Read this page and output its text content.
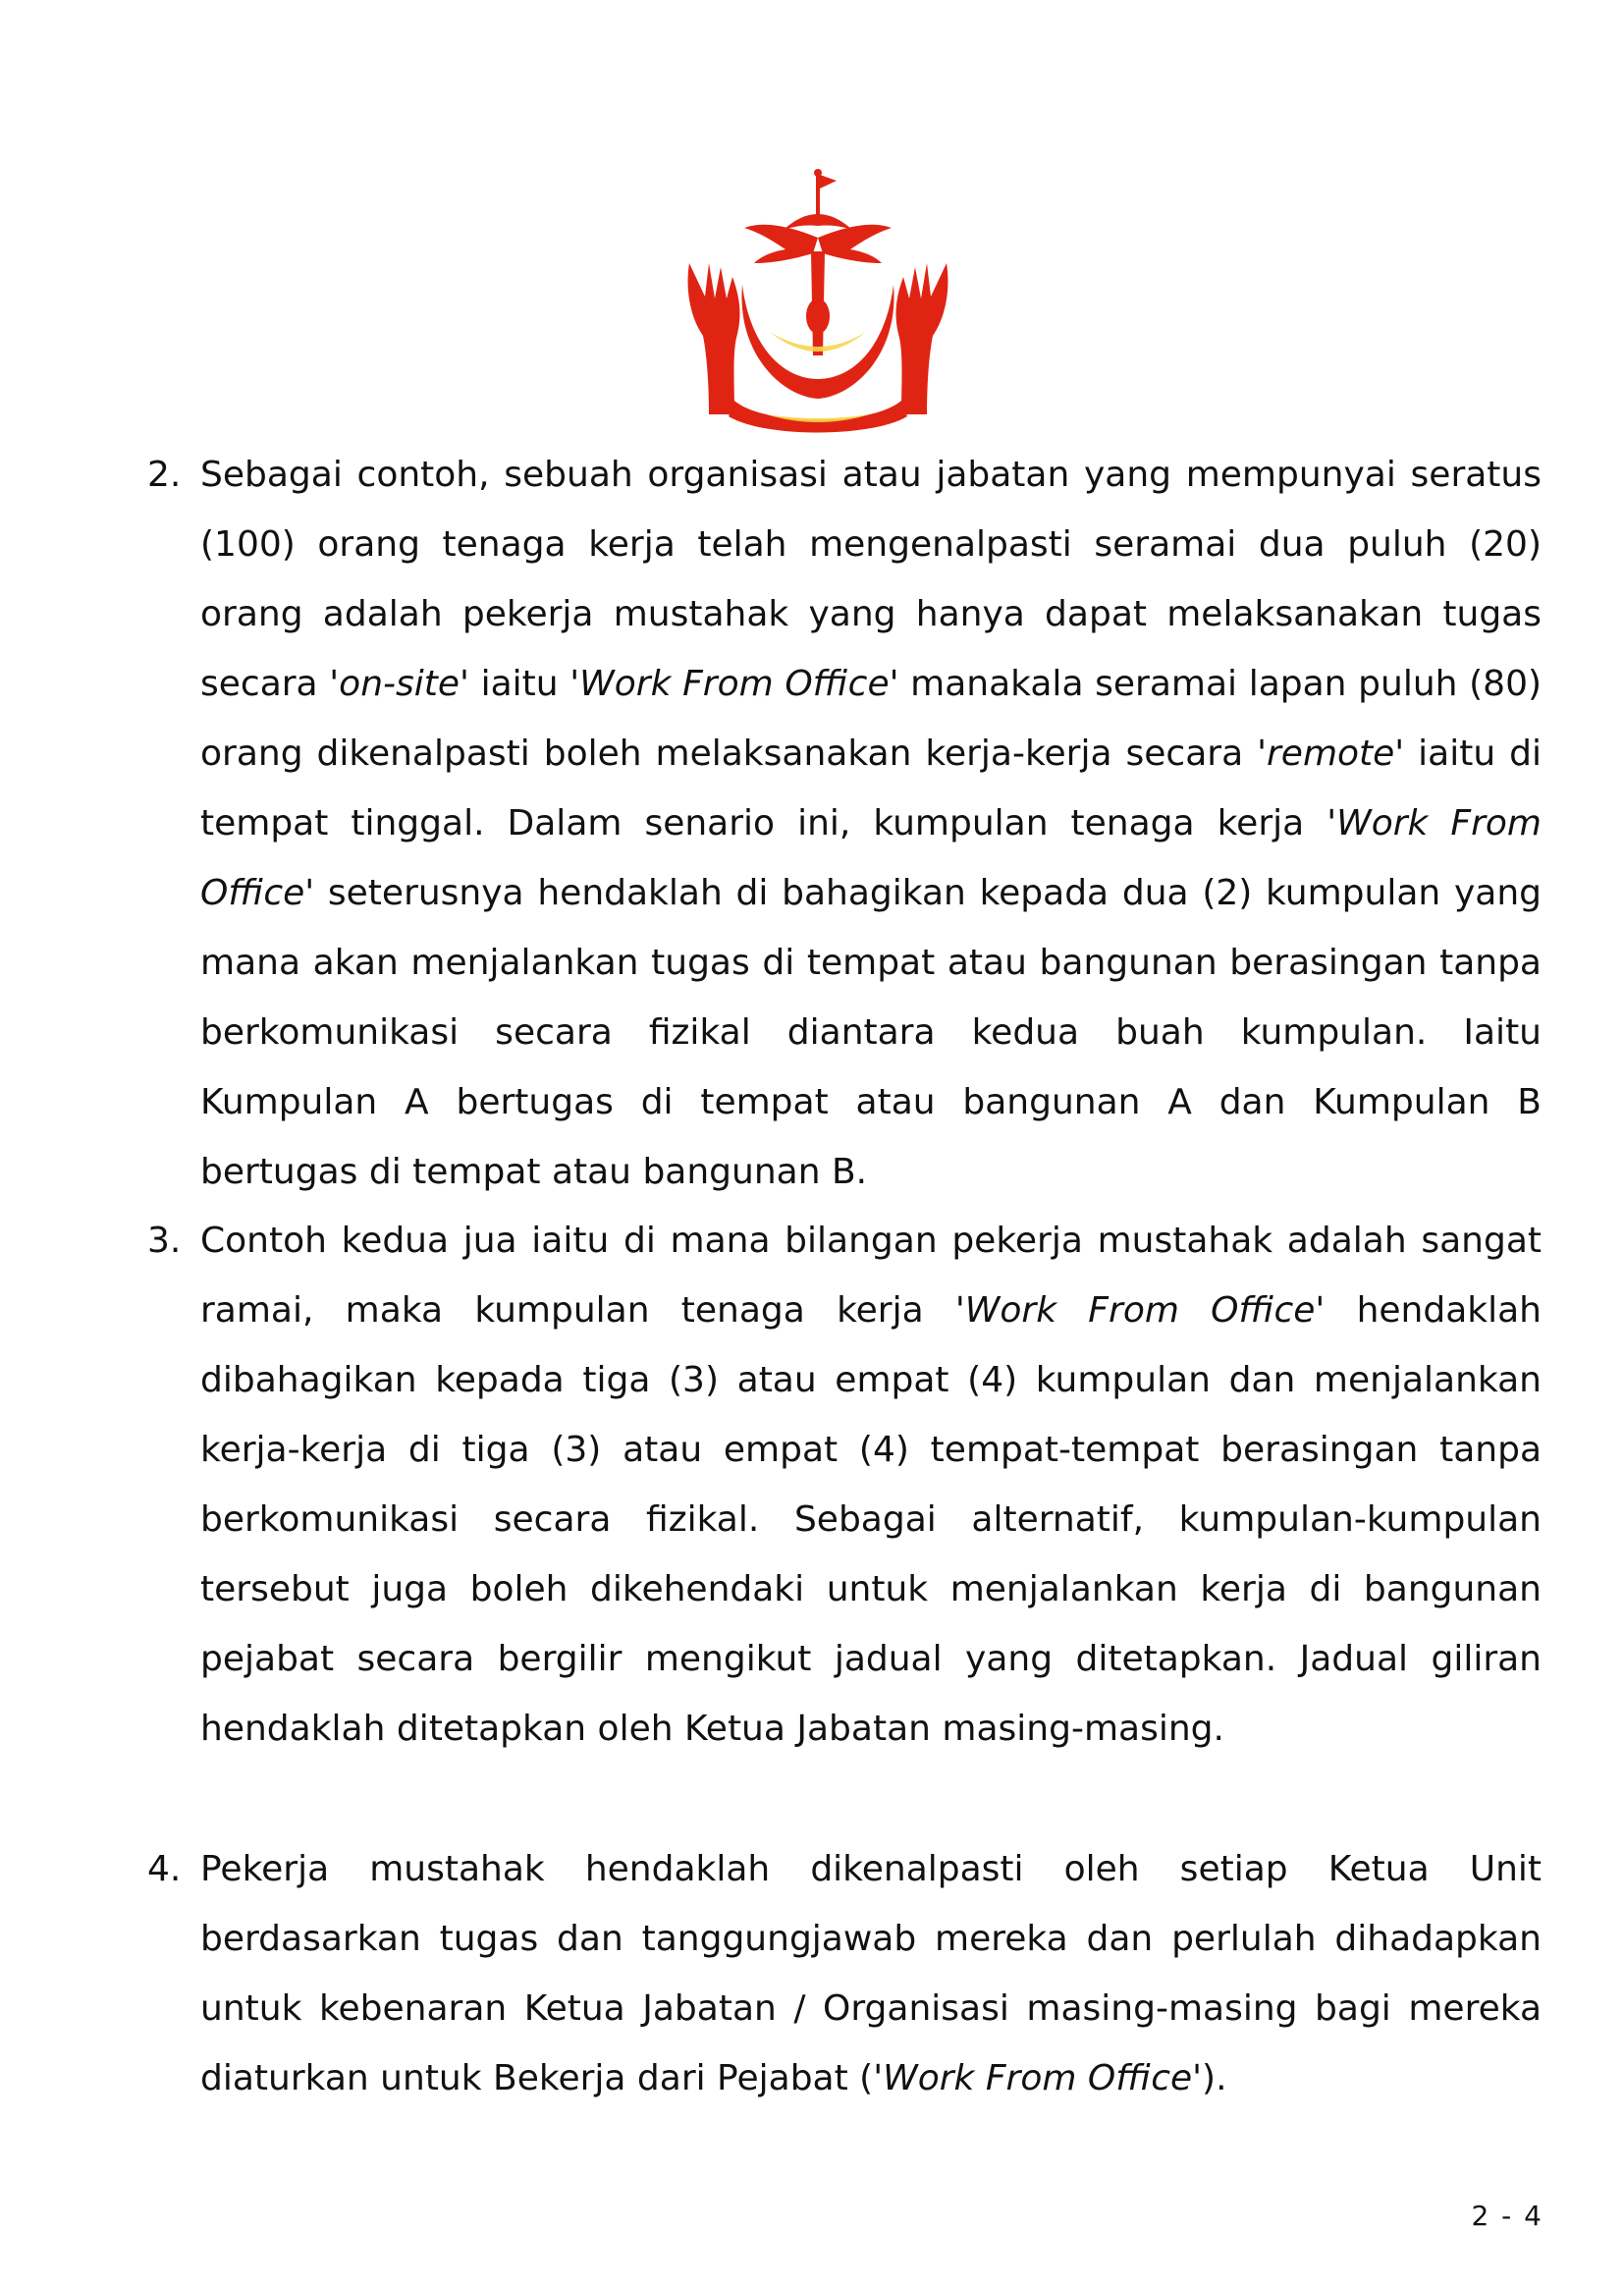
2. Sebagai contoh, sebuah organisasi atau jabatan yang mempunyai seratus (100) orang tenaga kerja telah mengenalpasti seramai dua puluh (20) orang adalah pekerja mustahak yang hanya dapat melaksanakan tugas secara 'on-site' iaitu 'Work From Office' manakala seramai lapan puluh (80) orang dikenalpasti boleh melaksanakan kerja-kerja secara 'remote' iaitu di tempat tinggal. Dalam senario ini, kumpulan tenaga kerja 'Work From Office' seterusnya hendaklah di bahagikan kepada dua (2) kumpulan yang mana akan menjalankan tugas di tempat atau bangunan berasingan tanpa berkomunikasi secara fizikal diantara kedua buah kumpulan. Iaitu Kumpulan A bertugas di tempat atau bangunan A dan Kumpulan B bertugas di tempat atau bangunan B.
3. Contoh kedua jua iaitu di mana bilangan pekerja mustahak adalah sangat ramai, maka kumpulan tenaga kerja 'Work From Office' hendaklah dibahagikan kepada tiga (3) atau empat (4) kumpulan dan menjalankan kerja-kerja di tiga (3) atau empat (4) tempat-tempat berasingan tanpa berkomunikasi secara fizikal. Sebagai alternatif, kumpulan-kumpulan tersebut juga boleh dikehendaki untuk menjalankan kerja di bangunan pejabat secara bergilir mengikut jadual yang ditetapkan. Jadual giliran hendaklah ditetapkan oleh Ketua Jabatan masing-masing.
4. Pekerja mustahak hendaklah dikenalpasti oleh setiap Ketua Unit berdasarkan tugas dan tanggungjawab mereka dan perlulah dihadapkan untuk kebenaran Ketua Jabatan / Organisasi masing-masing bagi mereka diaturkan untuk Bekerja dari Pejabat ('Work From Office').
2 - 4
